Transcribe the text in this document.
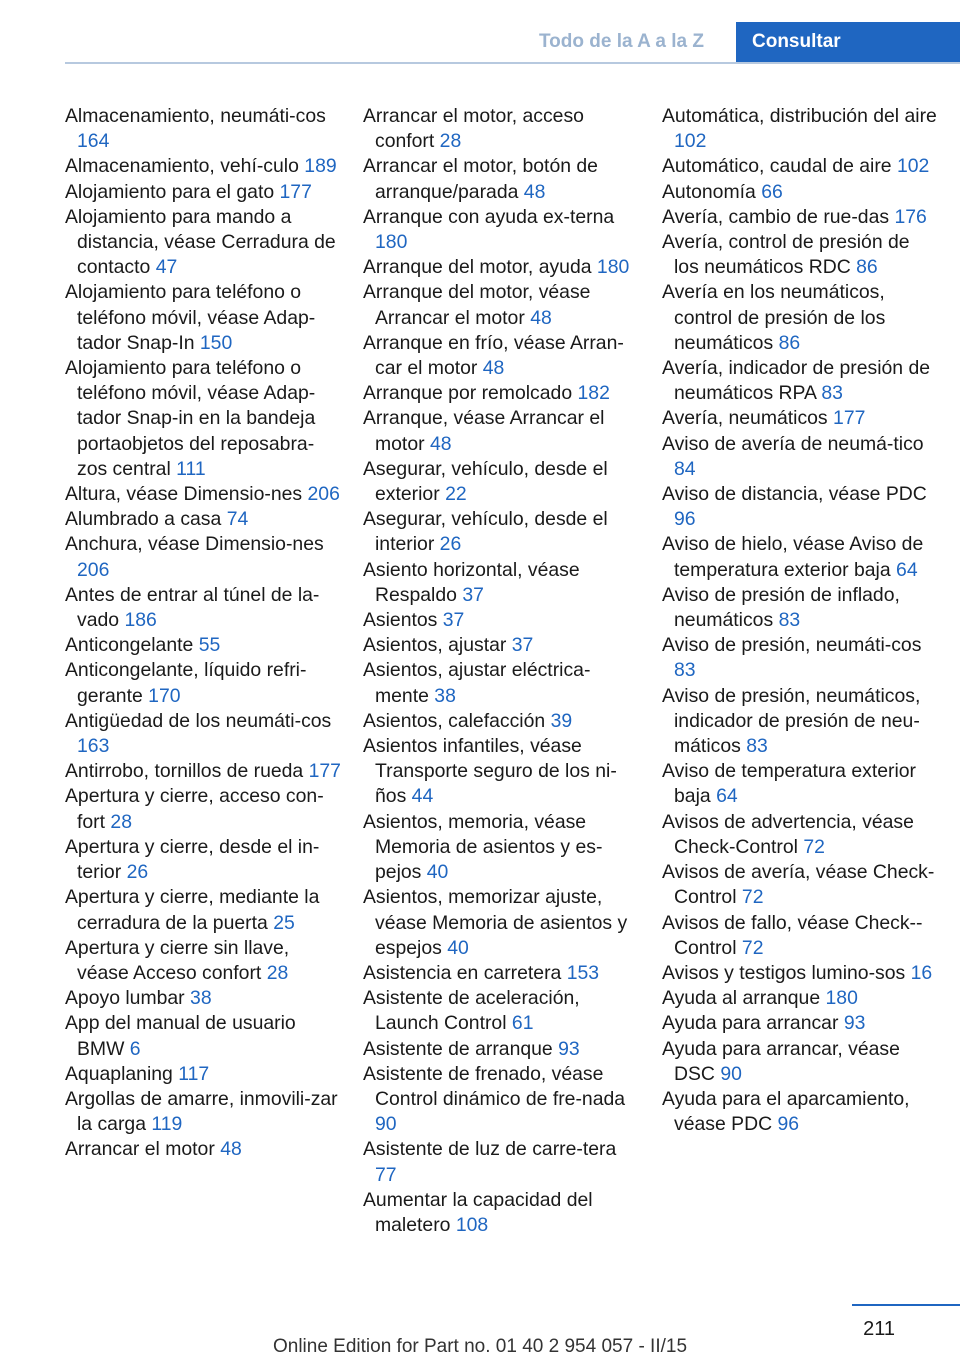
Todo de la A a la Z	Consultar
Almacenamiento, neumáti‐cos 164
Almacenamiento, vehí‐culo 189
Alojamiento para el gato 177
Alojamiento para mando a distancia, véase Cerradura de contacto 47
Alojamiento para teléfono o teléfono móvil, véase Adap‐tador Snap-In 150
Alojamiento para teléfono o teléfono móvil, véase Adap‐tador Snap-in en la bandeja portaobjetos del reposabra‐zos central 111
Altura, véase Dimensio‐nes 206
Alumbrado a casa 74
Anchura, véase Dimensio‐nes 206
Antes de entrar al túnel de la‐vado 186
Anticongelante 55
Anticongelante, líquido refri‐gerante 170
Antigüedad de los neumáti‐cos 163
Antirrobo, tornillos de rueda 177
Apertura y cierre, acceso con‐fort 28
Apertura y cierre, desde el in‐terior 26
Apertura y cierre, mediante la cerradura de la puerta 25
Apertura y cierre sin llave, véase Acceso confort 28
Apoyo lumbar 38
App del manual de usuario BMW 6
Aquaplaning 117
Argollas de amarre, inmovili‐zar la carga 119
Arrancar el motor 48
Arrancar el motor, acceso confort 28
Arrancar el motor, botón de arranque/parada 48
Arranque con ayuda ex‐terna 180
Arranque del motor, ayuda 180
Arranque del motor, véase Arrancar el motor 48
Arranque en frío, véase Arran‐car el motor 48
Arranque por remolcado 182
Arranque, véase Arrancar el motor 48
Asegurar, vehículo, desde el exterior 22
Asegurar, vehículo, desde el interior 26
Asiento horizontal, véase Respaldo 37
Asientos 37
Asientos, ajustar 37
Asientos, ajustar eléctrica‐mente 38
Asientos, calefacción 39
Asientos infantiles, véase Transporte seguro de los ni‐ños 44
Asientos, memoria, véase Memoria de asientos y es‐pejos 40
Asientos, memorizar ajuste, véase Memoria de asientos y espejos 40
Asistencia en carretera 153
Asistente de aceleración, Launch Control 61
Asistente de arranque 93
Asistente de frenado, véase Control dinámico de fre‐nada 90
Asistente de luz de carre‐tera 77
Aumentar la capacidad del maletero 108
Automática, distribución del aire 102
Automático, caudal de aire 102
Autonomía 66
Avería, cambio de rue‐das 176
Avería, control de presión de los neumáticos RDC 86
Avería en los neumáticos, control de presión de los neumáticos 86
Avería, indicador de presión de neumáticos RPA 83
Avería, neumáticos 177
Aviso de avería de neumá‐tico 84
Aviso de distancia, véase PDC 96
Aviso de hielo, véase Aviso de temperatura exterior baja 64
Aviso de presión de inflado, neumáticos 83
Aviso de presión, neumáti‐cos 83
Aviso de presión, neumáticos, indicador de presión de neu‐máticos 83
Aviso de temperatura exterior baja 64
Avisos de advertencia, véase Check-Control 72
Avisos de avería, véase Check-Control 72
Avisos de fallo, véase Check--Control 72
Avisos y testigos lumino‐sos 16
Ayuda al arranque 180
Ayuda para arrancar 93
Ayuda para arrancar, véase DSC 90
Ayuda para el aparcamiento, véase PDC 96
211
Online Edition for Part no. 01 40 2 954 057 - II/15
